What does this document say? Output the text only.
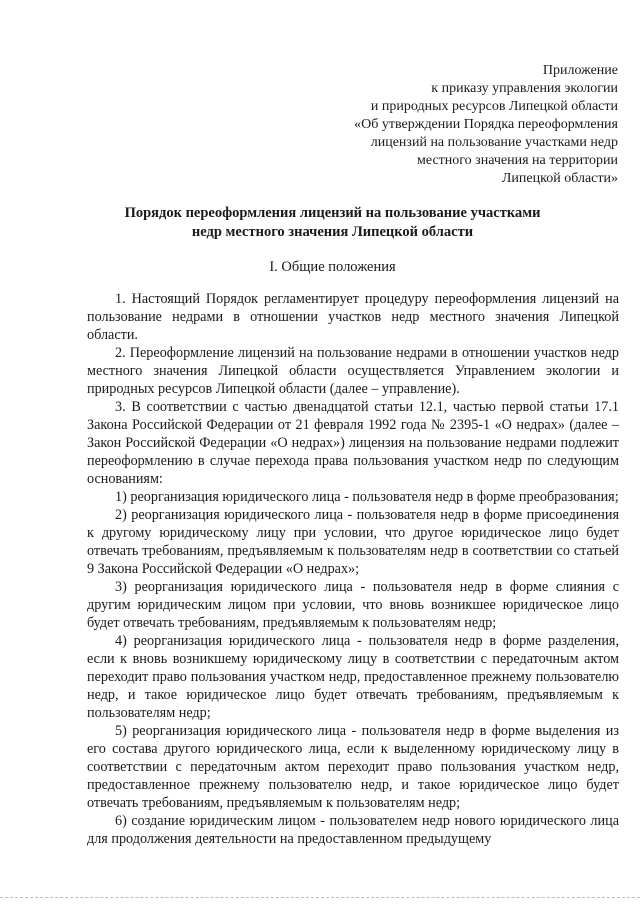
Приложение
к приказу управления экологии
и природных ресурсов Липецкой области
«Об утверждении Порядка переоформления
лицензий на пользование участками недр
местного значения на территории
Липецкой области»
Порядок переоформления лицензий на пользование участками
недр местного значения Липецкой области
I. Общие положения

1. Настоящий Порядок регламентирует процедуру переоформления лицензий на пользование недрами в отношении участков недр местного значения Липецкой области.

2. Переоформление лицензий на пользование недрами в отношении участков недр местного значения Липецкой области осуществляется Управлением экологии и природных ресурсов Липецкой области (далее – управление).

3. В соответствии с частью двенадцатой статьи 12.1, частью первой статьи 17.1 Закона Российской Федерации от 21 февраля 1992 года № 2395-1 «О недрах» (далее – Закон Российской Федерации «О недрах») лицензия на пользование недрами подлежит переоформлению в случае перехода права пользования участком недр по следующим основаниям:

1) реорганизация юридического лица - пользователя недр в форме преобразования;

2) реорганизация юридического лица - пользователя недр в форме присоединения к другому юридическому лицу при условии, что другое юридическое лицо будет отвечать требованиям, предъявляемым к пользователям недр в соответствии со статьей 9 Закона Российской Федерации «О недрах»;

3) реорганизация юридического лица - пользователя недр в форме слияния с другим юридическим лицом при условии, что вновь возникшее юридическое лицо будет отвечать требованиям, предъявляемым к пользователям недр;

4) реорганизация юридического лица - пользователя недр в форме разделения, если к вновь возникшему юридическому лицу в соответствии с передаточным актом переходит право пользования участком недр, предоставленное прежнему пользователю недр, и такое юридическое лицо будет отвечать требованиям, предъявляемым к пользователям недр;

5) реорганизация юридического лица - пользователя недр в форме выделения из его состава другого юридического лица, если к выделенному юридическому лицу в соответствии с передаточным актом переходит право пользования участком недр, предоставленное прежнему пользователю недр, и такое юридическое лицо будет отвечать требованиям, предъявляемым к пользователям недр;

6) создание юридическим лицом - пользователем недр нового юридического лица для продолжения деятельности на предоставленном предыдущему
